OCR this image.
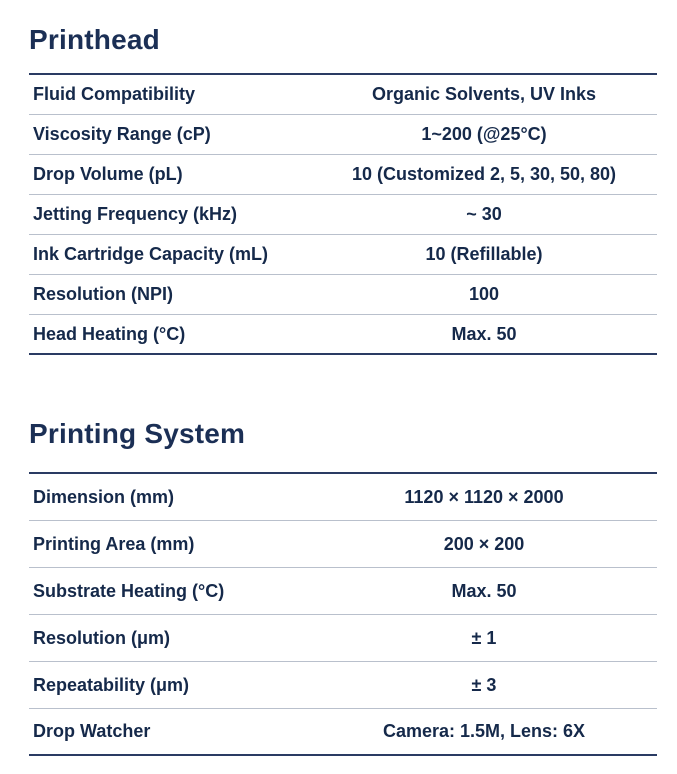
Printhead
Fluid Compatibility	Organic Solvents, UV Inks
Viscosity Range (cP)	1~200 (@25°C)
Drop Volume (pL)	10 (Customized 2, 5, 30, 50, 80)
Jetting Frequency (kHz)	~ 30
Ink Cartridge Capacity (mL)	10 (Refillable)
Resolution (NPI)	100
Head Heating (°C)	Max. 50
Printing System
Dimension (mm)	1120 × 1120 × 2000
Printing Area (mm)	200 × 200
Substrate Heating (°C)	Max. 50
Resolution (μm)	± 1
Repeatability (μm)	± 3
Drop Watcher	Camera: 1.5M, Lens: 6X
